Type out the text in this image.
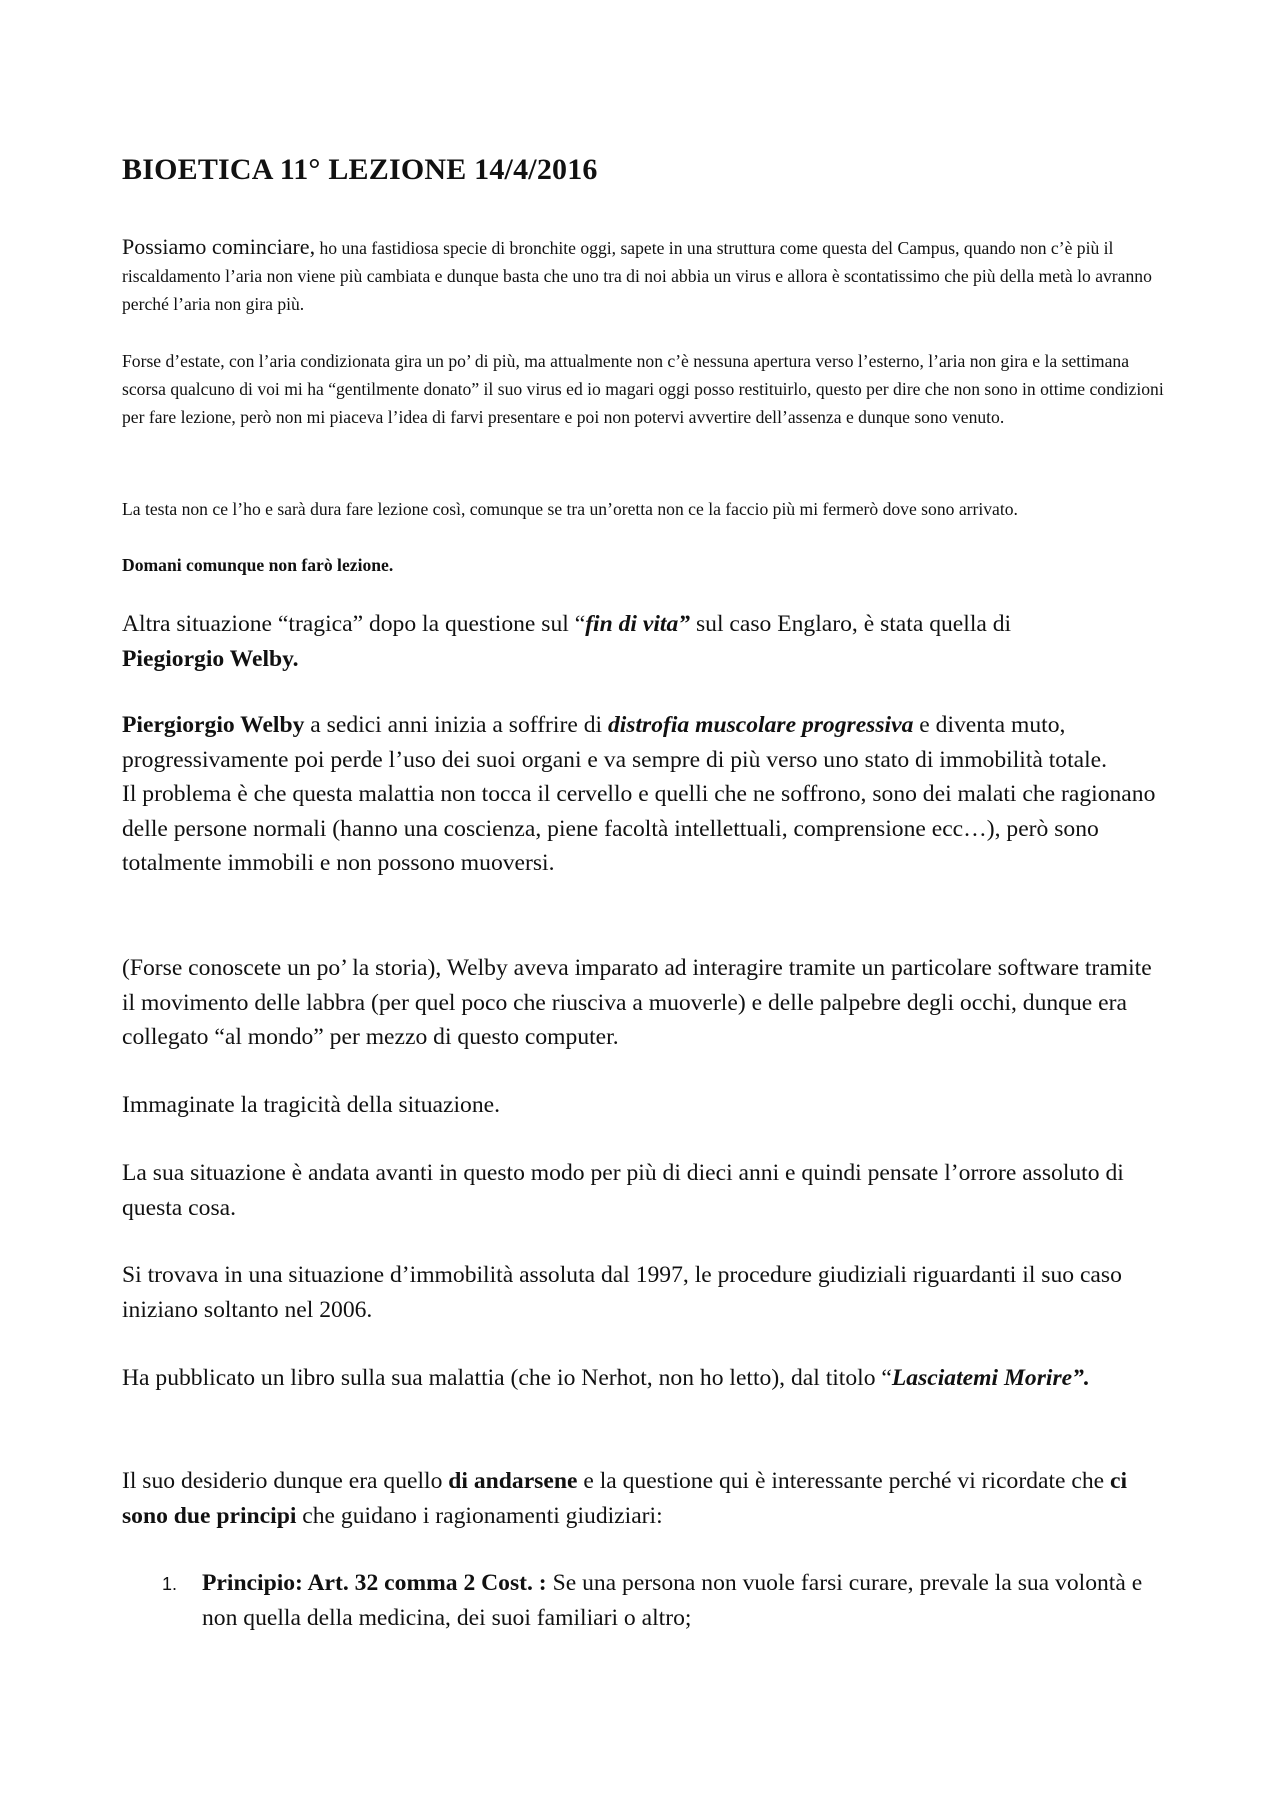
BIOETICA 11° LEZIONE 14/4/2016

Possiamo cominciare, ho una fastidiosa specie di bronchite oggi, sapete in una struttura come questa del Campus, quando non c’è più il riscaldamento l’aria non viene più cambiata e dunque basta che uno tra di noi abbia un virus e allora è scontatissimo che più della metà lo avranno perché l’aria non gira più.

Forse d’estate, con l’aria condizionata gira un po’ di più, ma attualmente non c’è nessuna apertura verso l’esterno, l’aria non gira e la settimana scorsa qualcuno di voi mi ha “gentilmente donato” il suo virus ed io magari oggi posso restituirlo, questo per dire che non sono in ottime condizioni per fare lezione, però non mi piaceva l’idea di farvi presentare e poi non potervi avvertire dell’assenza e dunque sono venuto.

La testa non ce l’ho e sarà dura fare lezione così, comunque se tra un’oretta non ce la faccio più mi fermerò dove sono arrivato.

Domani comunque non farò lezione.

Altra situazione “tragica” dopo la questione sul “fin di vita” sul caso Englaro, è stata quella di
Piegiorgio Welby.

Piergiorgio Welby a sedici anni inizia a soffrire di distrofia muscolare progressiva e diventa muto, progressivamente poi perde l’uso dei suoi organi e va sempre di più verso uno stato di immobilità totale.
Il problema è che questa malattia non tocca il cervello e quelli che ne soffrono, sono dei malati che ragionano delle persone normali (hanno una coscienza, piene facoltà intellettuali, comprensione ecc…), però sono totalmente immobili e non possono muoversi.

(Forse conoscete un po’ la storia), Welby aveva imparato ad interagire tramite un particolare software tramite il movimento delle labbra (per quel poco che riusciva a muoverle) e delle palpebre degli occhi, dunque era collegato “al mondo” per mezzo di questo computer.

Immaginate la tragicità della situazione.

La sua situazione è andata avanti in questo modo per più di dieci anni e quindi pensate l’orrore assoluto di questa cosa.

Si trovava in una situazione d’immobilità assoluta dal 1997, le procedure giudiziali riguardanti il suo caso iniziano soltanto nel 2006.

Ha pubblicato un libro sulla sua malattia (che io Nerhot, non ho letto), dal titolo “Lasciatemi Morire”.

Il suo desiderio dunque era quello di andarsene e la questione qui è interessante perché vi ricordate che ci sono due principi che guidano i ragionamenti giudiziari:

1. Principio: Art. 32 comma 2 Cost. : Se una persona non vuole farsi curare, prevale la sua volontà e non quella della medicina, dei suoi familiari o altro;
